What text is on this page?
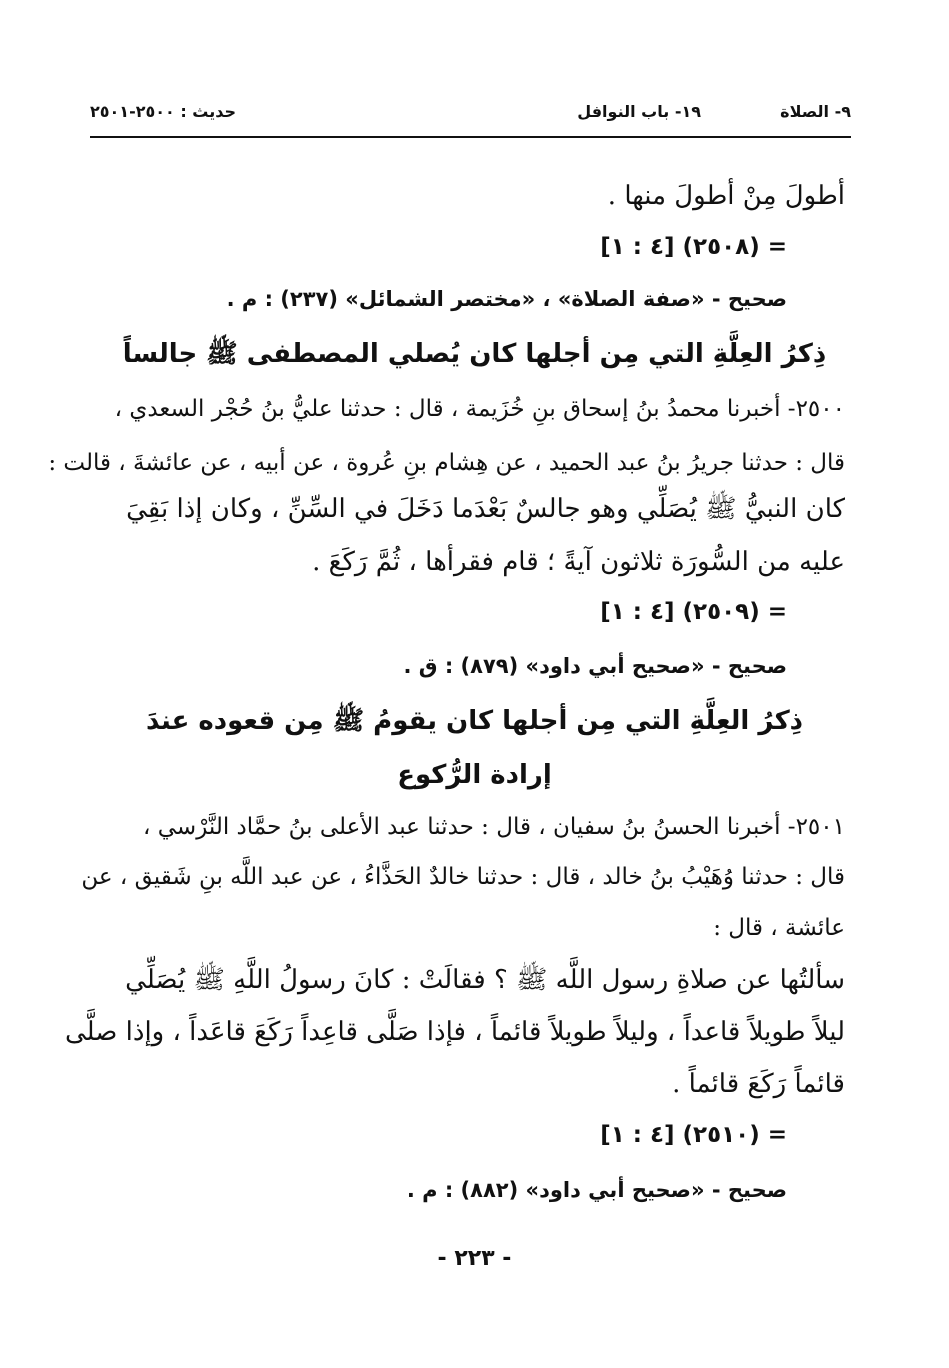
٩- الصلاة
١٩- باب النوافل
حديث : ٢٥٠٠-٢٥٠١
أطولَ مِنْ أطولَ منها .
= (٢٥٠٨) [٤ : ١]
صحيح - «صفة الصلاة» ، «مختصر الشمائل» (٢٣٧) : م .
ذِكرُ العِلَّةِ التي مِن أجلها كان يُصلي المصطفى ﷺ جالساً
٢٥٠٠- أخبرنا محمدُ بنُ إسحاق بنِ خُزَيمة ، قال : حدثنا عليُّ بنُ حُجْر السعدي ،
قال : حدثنا جريرُ بنُ عبد الحميد ، عن هِشام بنِ عُروة ، عن أبيه ، عن عائشةَ ، قالت :
كان النبيُّ ﷺ يُصَلِّي وهو جالسٌ بَعْدَما دَخَلَ في السِّنِّ ، وكان إذا بَقِيَ
عليه من السُّورَة ثلاثون آيةً ؛ قام فقرأها ، ثُمَّ رَكَعَ .
= (٢٥٠٩) [٤ : ١]
صحيح - «صحيح أبي داود» (٨٧٩) : ق .
ذِكرُ العِلَّةِ التي مِن أجلها كان يقومُ ﷺ مِن قعوده عندَ
إرادة الرُّكوع
٢٥٠١- أخبرنا الحسنُ بنُ سفيان ، قال : حدثنا عبد الأعلى بنُ حمَّاد النَّرْسي ،
قال : حدثنا وُهَيْبُ بنُ خالد ، قال : حدثنا خالدٌ الحَذَّاءُ ، عن عبد اللَّه بنِ شَقيق ، عن
عائشة ، قال :
سألتُها عن صلاةِ رسول اللَّه ﷺ ؟ فقالَتْ : كانَ رسولُ اللَّهِ ﷺ يُصَلِّي
ليلاً طويلاً قاعداً ، وليلاً طويلاً قائماً ، فإذا صَلَّى قاعِداً رَكَعَ قاعَداً ، وإذا صلَّى
قائماً رَكَعَ قائماً .
= (٢٥١٠) [٤ : ١]
صحيح - «صحيح أبي داود» (٨٨٢) : م .
- ٢٢٣ -
